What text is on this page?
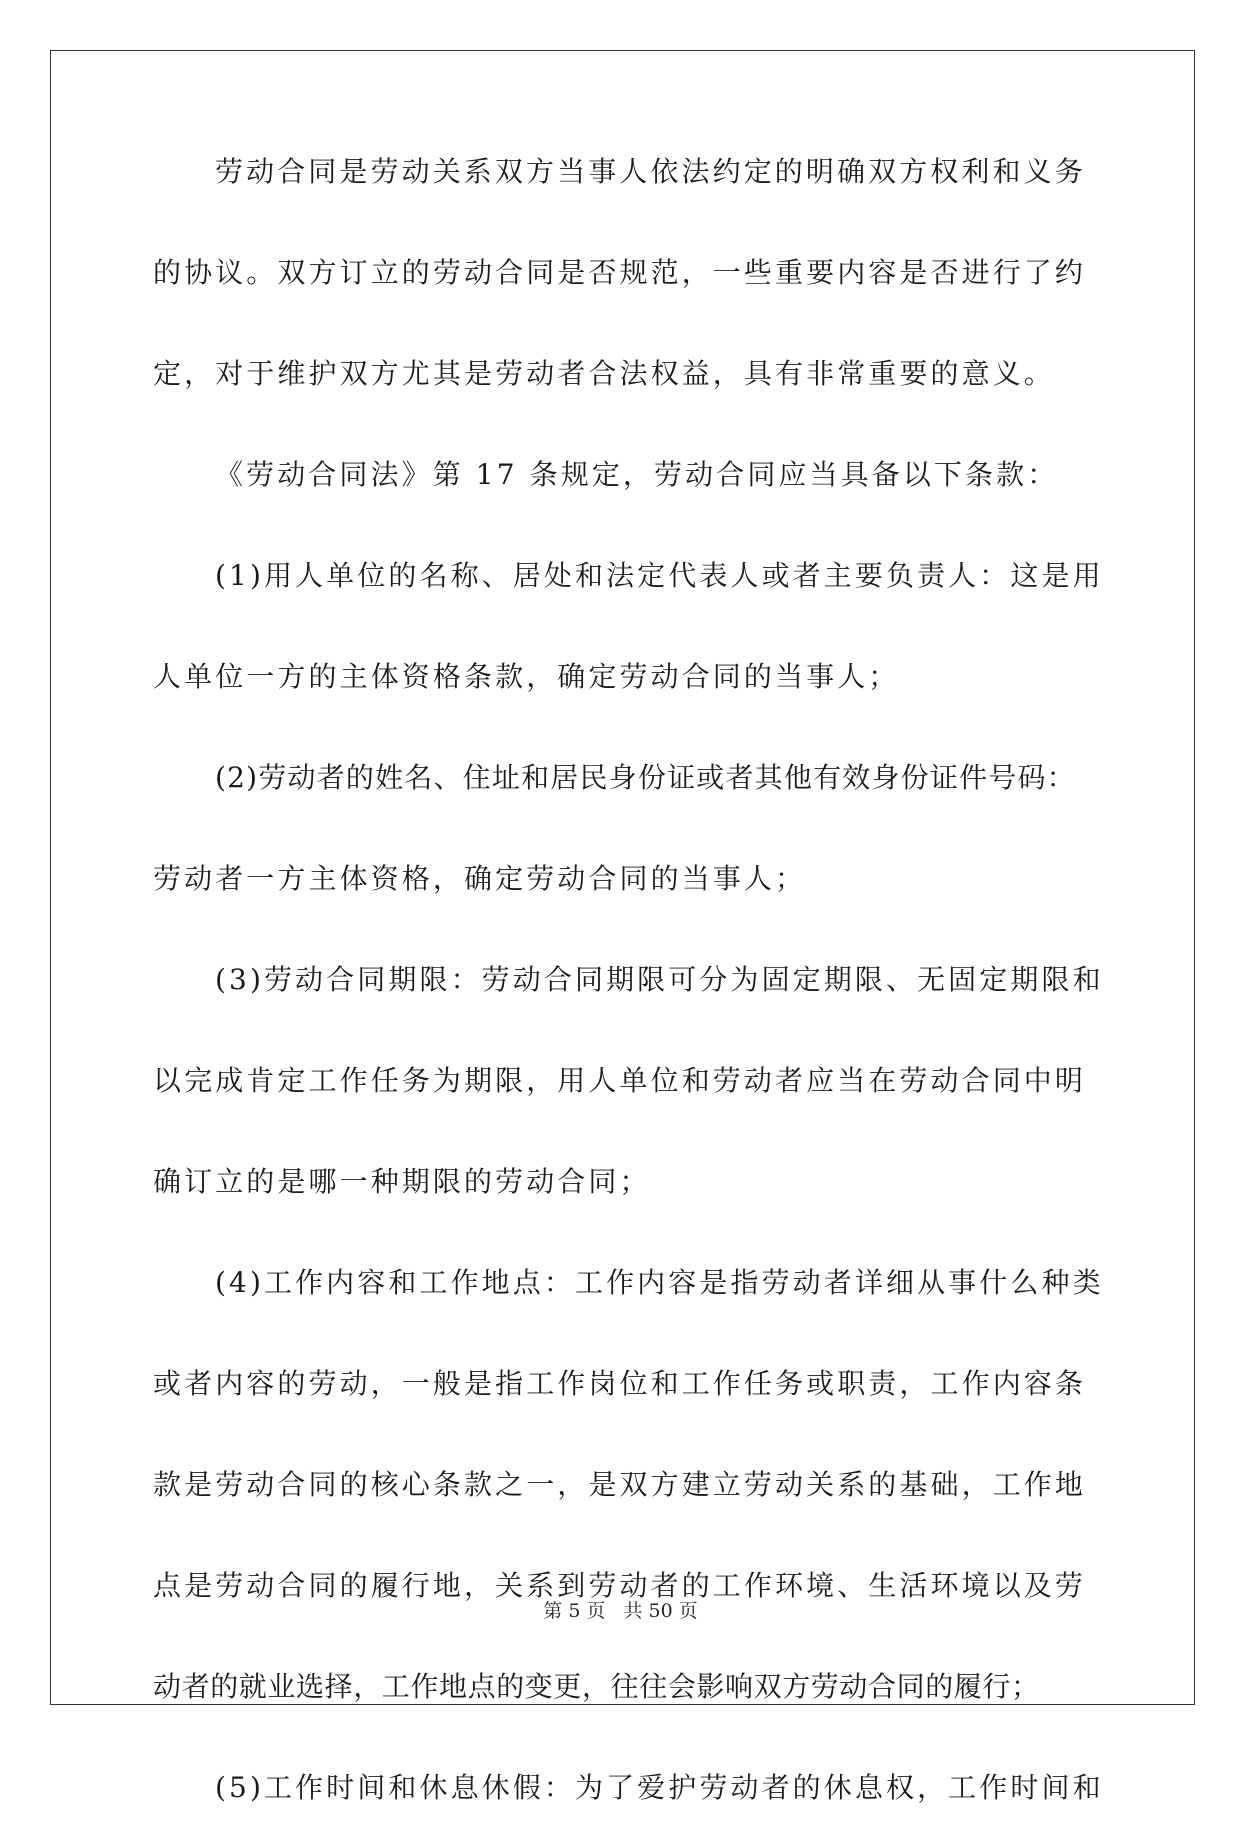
劳动合同是劳动关系双方当事人依法约定的明确双方权利和义务
的协议。双方订立的劳动合同是否规范，一些重要内容是否进行了约
定，对于维护双方尤其是劳动者合法权益，具有非常重要的意义。
《劳动合同法》第 17 条规定，劳动合同应当具备以下条款：
(1)用人单位的名称、居处和法定代表人或者主要负责人：这是用
人单位一方的主体资格条款，确定劳动合同的当事人；
(2)劳动者的姓名、住址和居民身份证或者其他有效身份证件号码：
劳动者一方主体资格，确定劳动合同的当事人；
(3)劳动合同期限：劳动合同期限可分为固定期限、无固定期限和
以完成肯定工作任务为期限，用人单位和劳动者应当在劳动合同中明
确订立的是哪一种期限的劳动合同；
(4)工作内容和工作地点：工作内容是指劳动者详细从事什么种类
或者内容的劳动，一般是指工作岗位和工作任务或职责，工作内容条
款是劳动合同的核心条款之一，是双方建立劳动关系的基础，工作地
点是劳动合同的履行地，关系到劳动者的工作环境、生活环境以及劳
动者的就业选择，工作地点的变更，往往会影响双方劳动合同的履行；
(5)工作时间和休息休假：为了爱护劳动者的休息权，工作时间和
第 5 页 共 50 页
